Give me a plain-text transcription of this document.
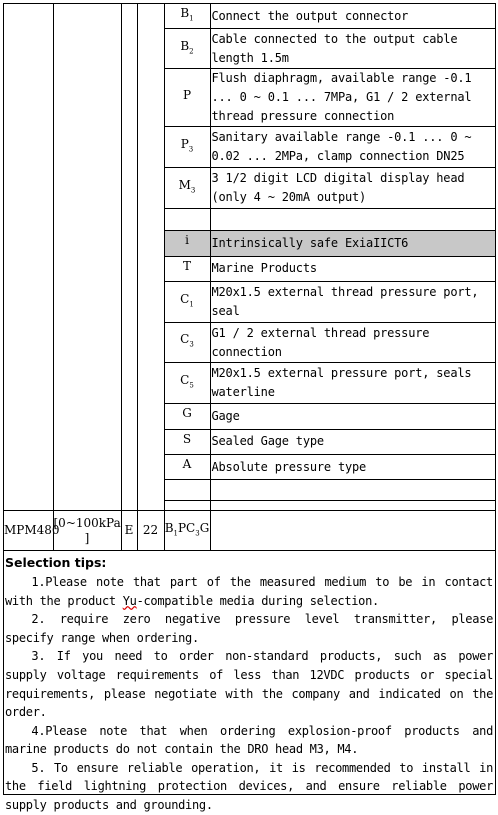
				$B_1$	Connect the output connector
				$B_2$	Cable connected to the output cable length 1.5m
				P	Flush diaphragm, available range -0.1 ... 0 ~ 0.1 ... 7MPa, G1 / 2 external thread pressure connection
				$P_3$	Sanitary available range -0.1 ... 0 ~ 0.02 ... 2MPa, clamp connection DN25
				$M_3$	3 1/2 digit LCD digital display head (only 4 ~ 20mA output)

				i	Intrinsically safe ExiaIICT6
				T	Marine Products
				$C_1$	M20x1.5 external thread pressure port, seal
				$C_3$	G1 / 2 external thread pressure connection
				$C_5$	M20x1.5 external pressure port, seals waterline
				G	Gage
				S	Sealed Gage type
				A	Absolute pressure type

MPM480	[0~100kPa ]	E	22	$B_1PC_3G$	
Selection tips:

1.Please note that part of the measured medium to be in contact with the product Yu-compatible media during selection.

2. require zero negative pressure level transmitter, please specify range when ordering.

3. If you need to order non-standard products, such as power supply voltage requirements of less than 12VDC products or special requirements, please negotiate with the company and indicated on the order.

4.Please note that when ordering explosion-proof products and marine products do not contain the DRO head M3, M4.

5. To ensure reliable operation, it is recommended to install in the field lightning protection devices, and ensure reliable power supply products and grounding.
